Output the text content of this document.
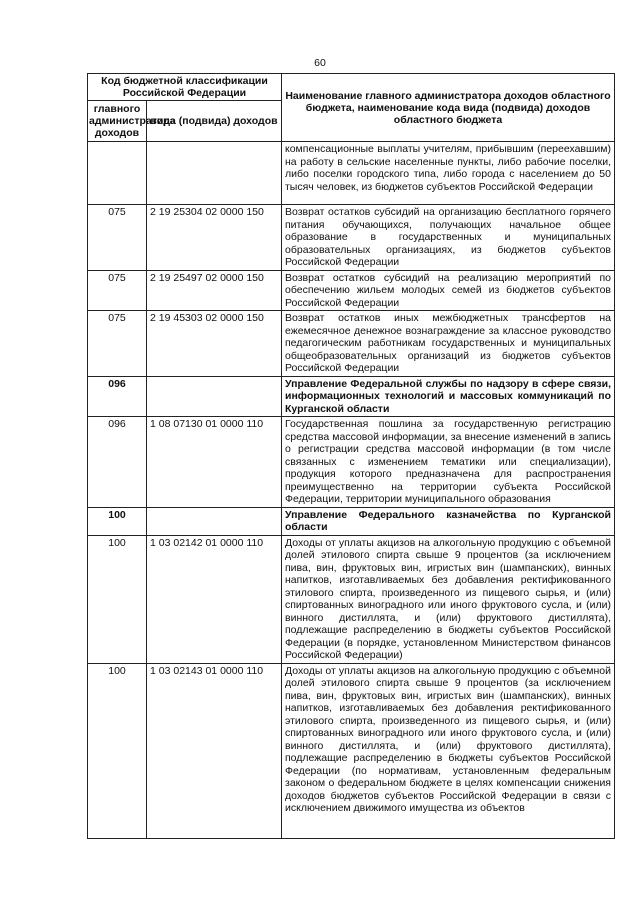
60
Код бюджетной классификации Российской Федерации		Наименование главного администратора доходов областного бюджета, наименование кода вида (подвида) доходов областного бюджета
главного администратора доходов	вида (подвида) доходов	
		компенсационные выплаты учителям, прибывшим (переехавшим) на работу в сельские населенные пункты, либо рабочие поселки, либо поселки городского типа, либо города с населением до 50 тысяч человек, из бюджетов субъектов Российской Федерации
075	2 19 25304 02 0000 150	Возврат остатков субсидий на организацию бесплатного горячего питания обучающихся, получающих начальное общее образование в государственных и муниципальных образовательных организациях, из бюджетов субъектов Российской Федерации
075	2 19 25497 02 0000 150	Возврат остатков субсидий на реализацию мероприятий по обеспечению жильем молодых семей из бюджетов субъектов Российской Федерации
075	2 19 45303 02 0000 150	Возврат остатков иных межбюджетных трансфертов на ежемесячное денежное вознаграждение за классное руководство педагогическим работникам государственных и муниципальных общеобразовательных организаций из бюджетов субъектов Российской Федерации
096		Управление Федеральной службы по надзору в сфере связи, информационных технологий и массовых коммуникаций по Курганской области
096	1 08 07130 01 0000 110	Государственная пошлина за государственную регистрацию средства массовой информации, за внесение изменений в запись о регистрации средства массовой информации (в том числе связанных с изменением тематики или специализации), продукция которого предназначена для распространения преимущественно на территории субъекта Российской Федерации, территории муниципального образования
100		Управление Федерального казначейства по Курганской области
100	1 03 02142 01 0000 110	Доходы от уплаты акцизов на алкогольную продукцию с объемной долей этилового спирта свыше 9 процентов (за исключением пива, вин, фруктовых вин, игристых вин (шампанских), винных напитков, изготавливаемых без добавления ректификованного этилового спирта, произведенного из пищевого сырья, и (или) спиртованных виноградного или иного фруктового сусла, и (или) винного дистиллята, и (или) фруктового дистиллята), подлежащие распределению в бюджеты субъектов Российской Федерации (в порядке, установленном Министерством финансов Российской Федерации)
100	1 03 02143 01 0000 110	Доходы от уплаты акцизов на алкогольную продукцию с объемной долей этилового спирта свыше 9 процентов (за исключением пива, вин, фруктовых вин, игристых вин (шампанских), винных напитков, изготавливаемых без добавления ректификованного этилового спирта, произведенного из пищевого сырья, и (или) спиртованных виноградного или иного фруктового сусла, и (или) винного дистиллята, и (или) фруктового дистиллята), подлежащие распределению в бюджеты субъектов Российской Федерации (по нормативам, установленным федеральным законом о федеральном бюджете в целях компенсации снижения доходов бюджетов субъектов Российской Федерации в связи с исключением движимого имущества из объектов
